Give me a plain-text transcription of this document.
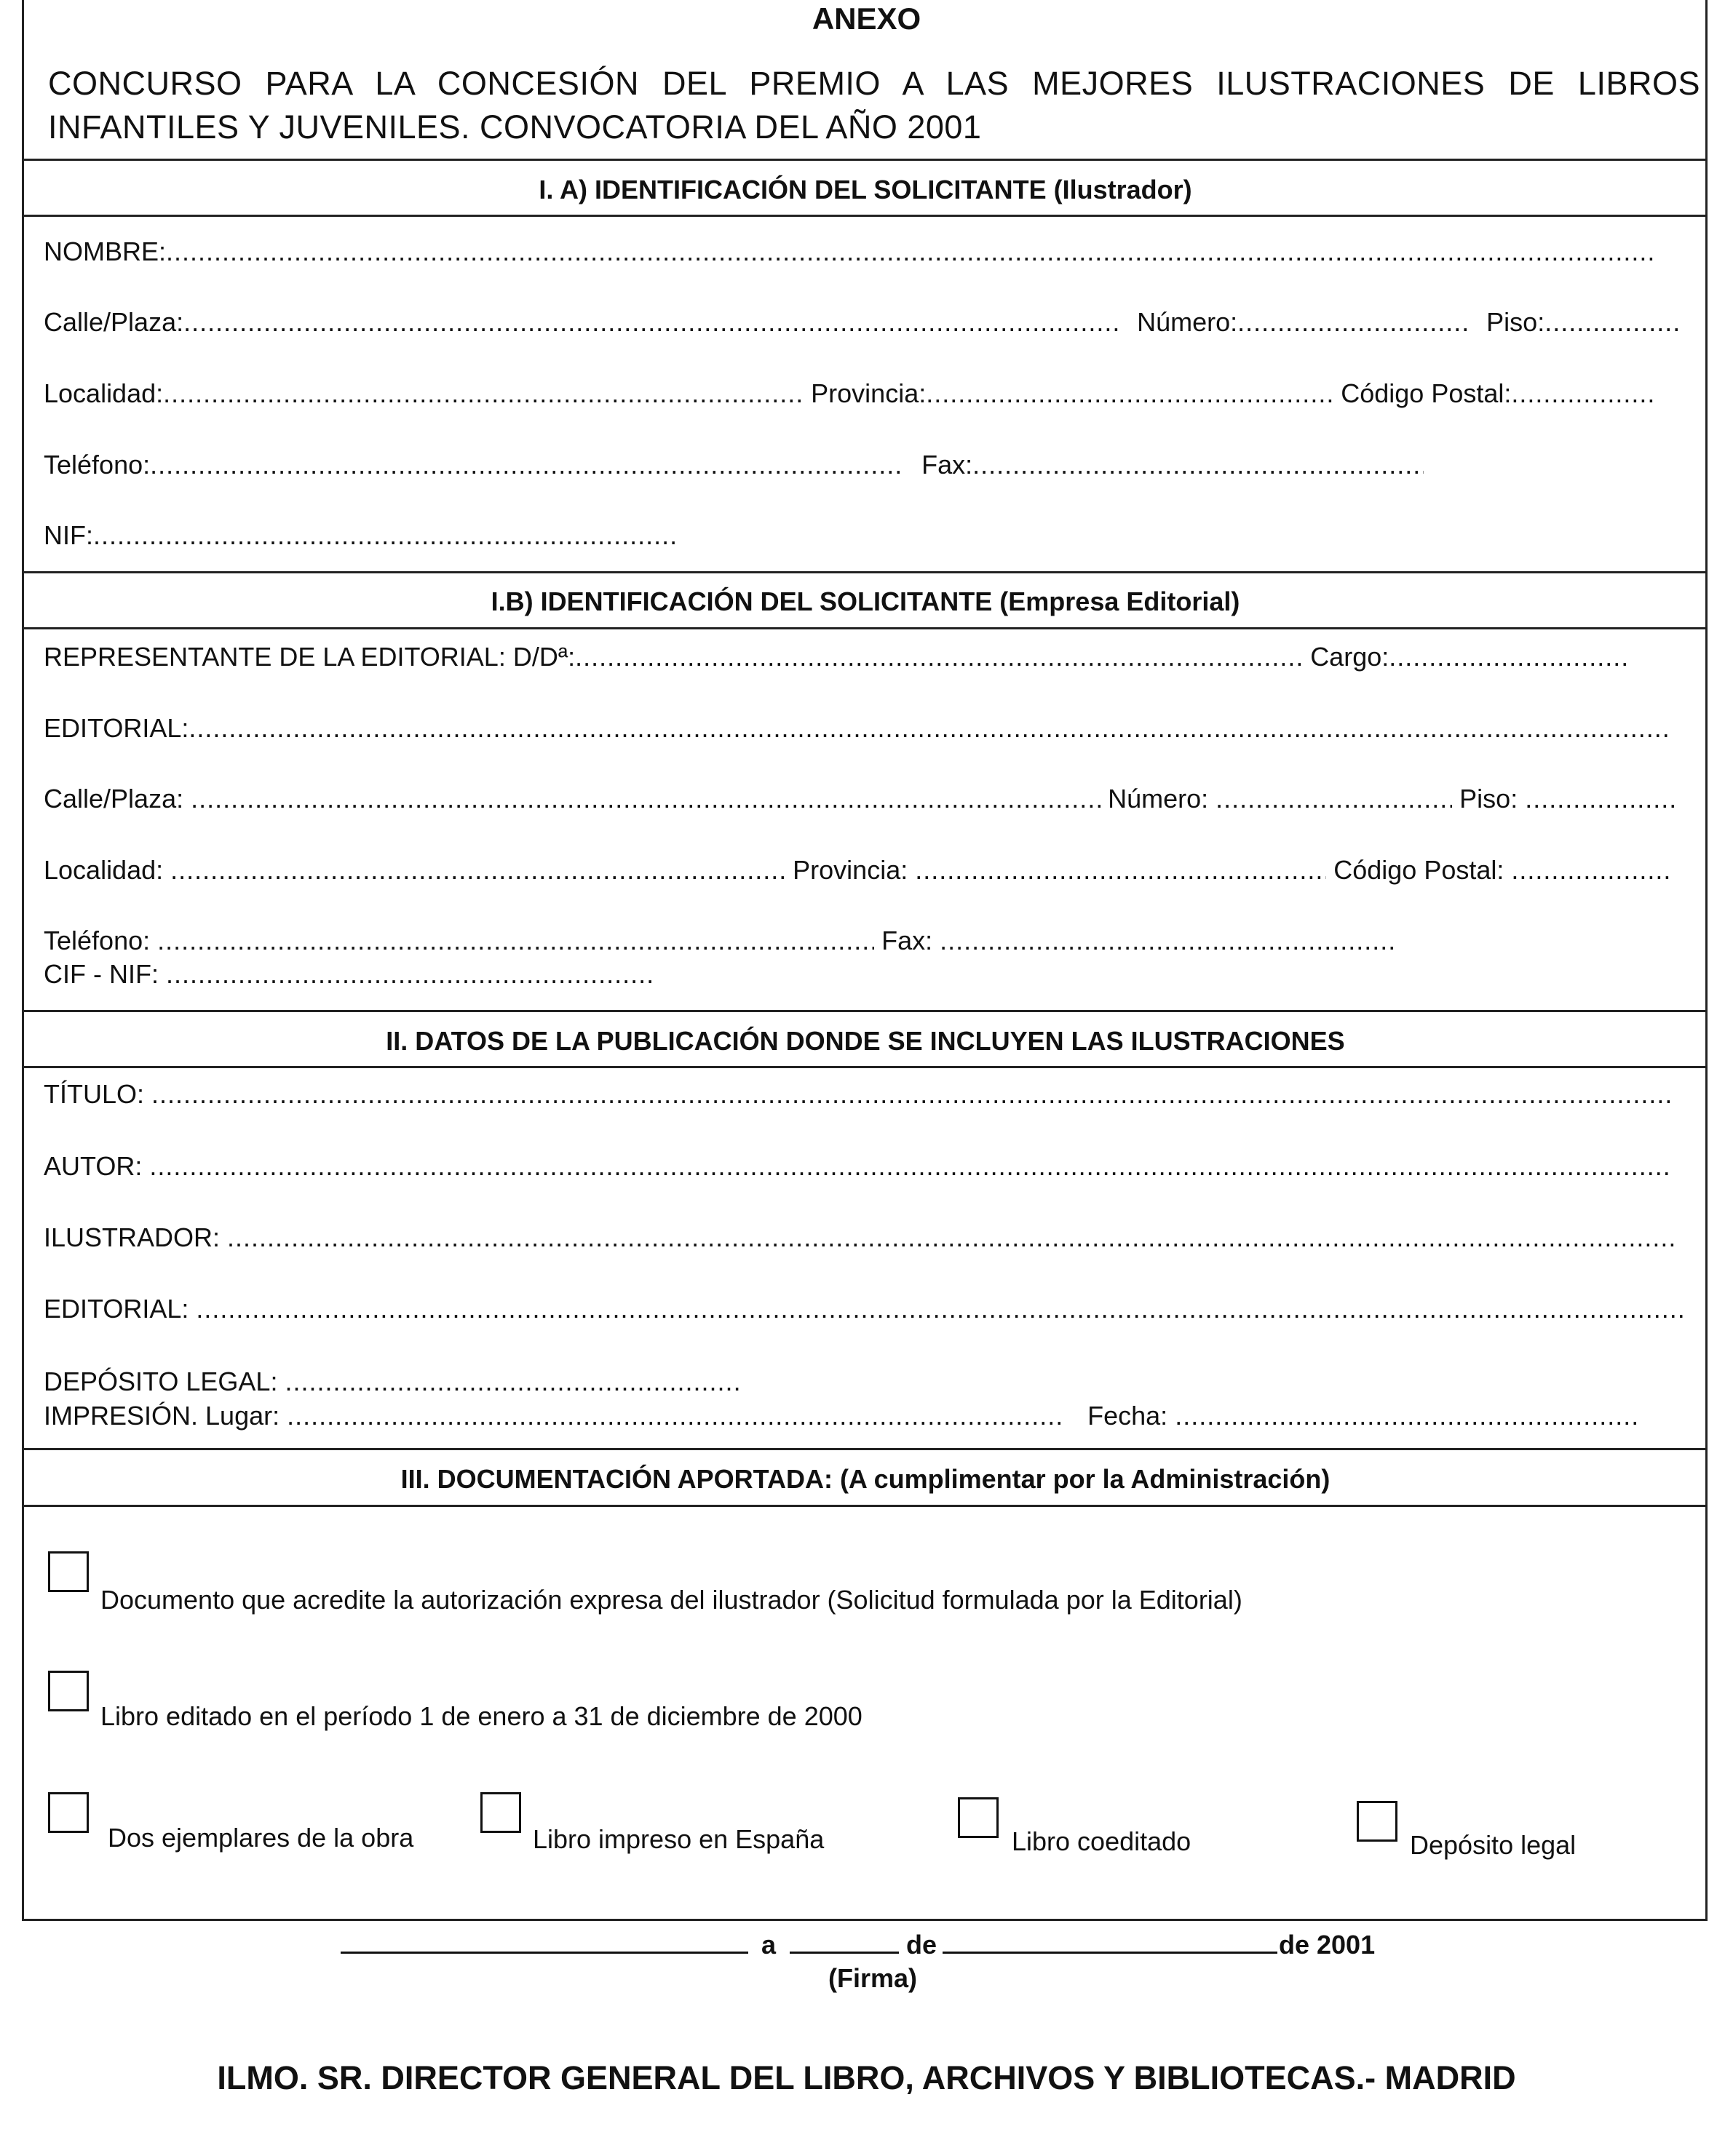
ANEXO
CONCURSO PARA LA CONCESIÓN DEL PREMIO A LAS MEJORES ILUSTRACIONES DE LIBROS
INFANTILES Y JUVENILES. CONVOCATORIA DEL AÑO 2001
I. A) IDENTIFICACIÓN DEL SOLICITANTE (Ilustrador)
NOMBRE:.....
Calle/Plaza: .....	Número: .....	Piso:.....
Localidad: .....	Provincia: .....	Código Postal:.....
Teléfono: .....	Fax:.....
NIF:.....
I.B) IDENTIFICACIÓN DEL SOLICITANTE (Empresa Editorial)
REPRESENTANTE DE LA EDITORIAL: D/Dª: .....	Cargo:.....
EDITORIAL:.....
Calle/Plaza: .....	Número: .....	Piso:.....
Localidad: .....	Provincia: .....	Código Postal:.....
Teléfono: .....	Fax:.....
CIF - NIF:.....
II. DATOS DE LA PUBLICACIÓN DONDE SE INCLUYEN LAS ILUSTRACIONES
TÍTULO:.....
AUTOR:.....
ILUSTRADOR:.....
EDITORIAL:.....
DEPÓSITO LEGAL:.....
IMPRESIÓN. Lugar: .....	Fecha:.....
III. DOCUMENTACIÓN APORTADA: (A cumplimentar por la Administración)
Documento que acredite la autorización expresa del ilustrador (Solicitud formulada por la Editorial)
Libro editado en el período 1 de enero a 31 de diciembre de 2000
Dos ejemplares de la obra	Libro impreso en España	Libro coeditado	Depósito legal
a	de	de 2001
(Firma)
ILMO. SR. DIRECTOR GENERAL DEL LIBRO, ARCHIVOS Y BIBLIOTECAS.- MADRID
